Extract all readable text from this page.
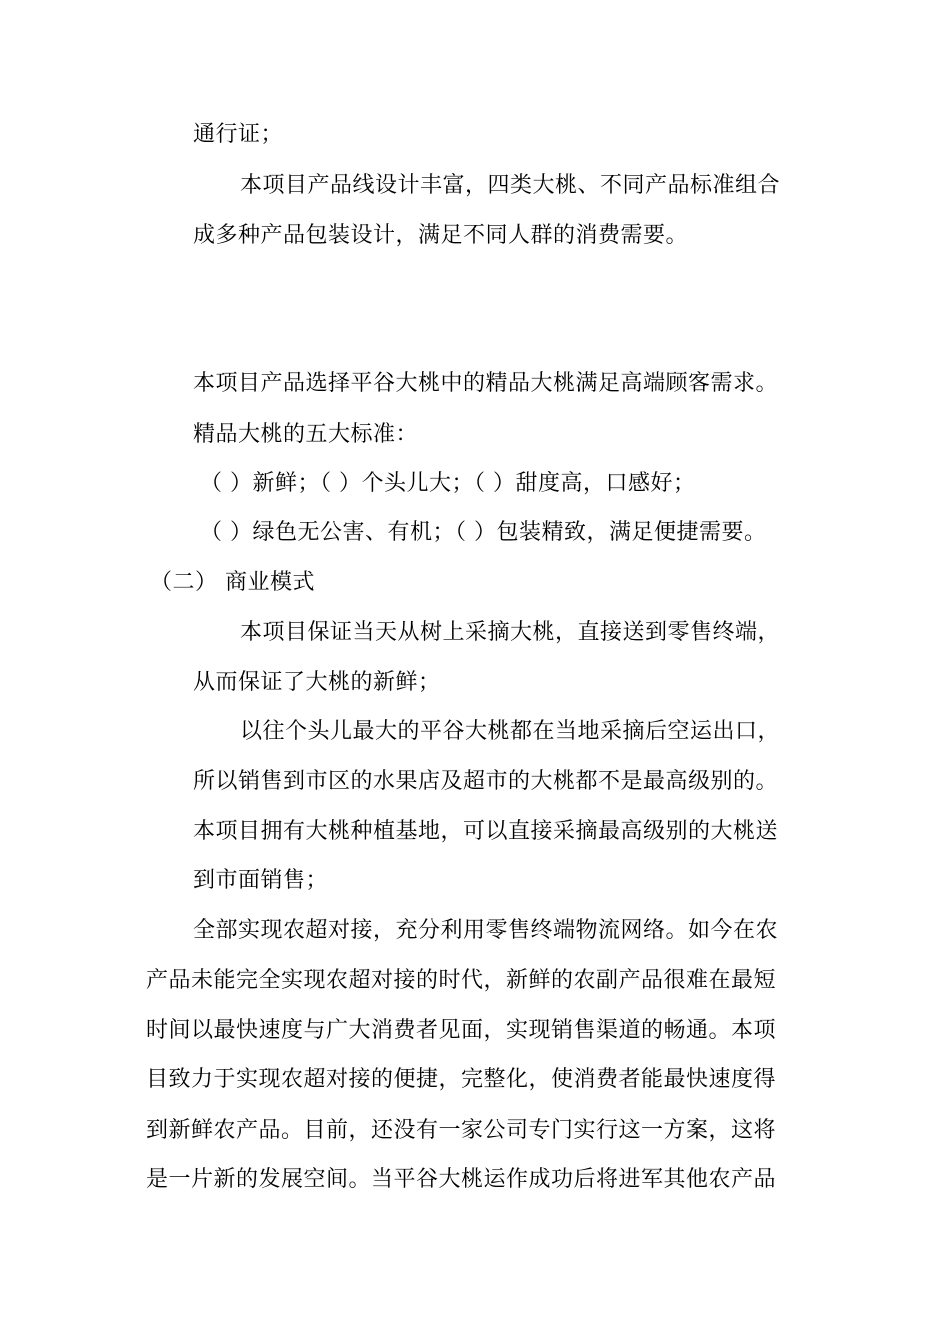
通行证；
本项目产品线设计丰富，四类大桃、不同产品标准组合
成多种产品包装设计，满足不同人群的消费需要。
本项目产品选择平谷大桃中的精品大桃满足高端顾客需求。
精品大桃的五大标准：
（ ）新鲜；（ ）个头儿大；（ ）甜度高，口感好；
（ ）绿色无公害、有机；（ ）包装精致，满足便捷需要。
（二） 商业模式
本项目保证当天从树上采摘大桃，直接送到零售终端，
从而保证了大桃的新鲜；
以往个头儿最大的平谷大桃都在当地采摘后空运出口，
所以销售到市区的水果店及超市的大桃都不是最高级别的。
本项目拥有大桃种植基地，可以直接采摘最高级别的大桃送
到市面销售；
全部实现农超对接，充分利用零售终端物流网络。如今在农
产品未能完全实现农超对接的时代，新鲜的农副产品很难在最短
时间以最快速度与广大消费者见面，实现销售渠道的畅通。本项
目致力于实现农超对接的便捷，完整化，使消费者能最快速度得
到新鲜农产品。目前，还没有一家公司专门实行这一方案，这将
是一片新的发展空间。当平谷大桃运作成功后将进军其他农产品
